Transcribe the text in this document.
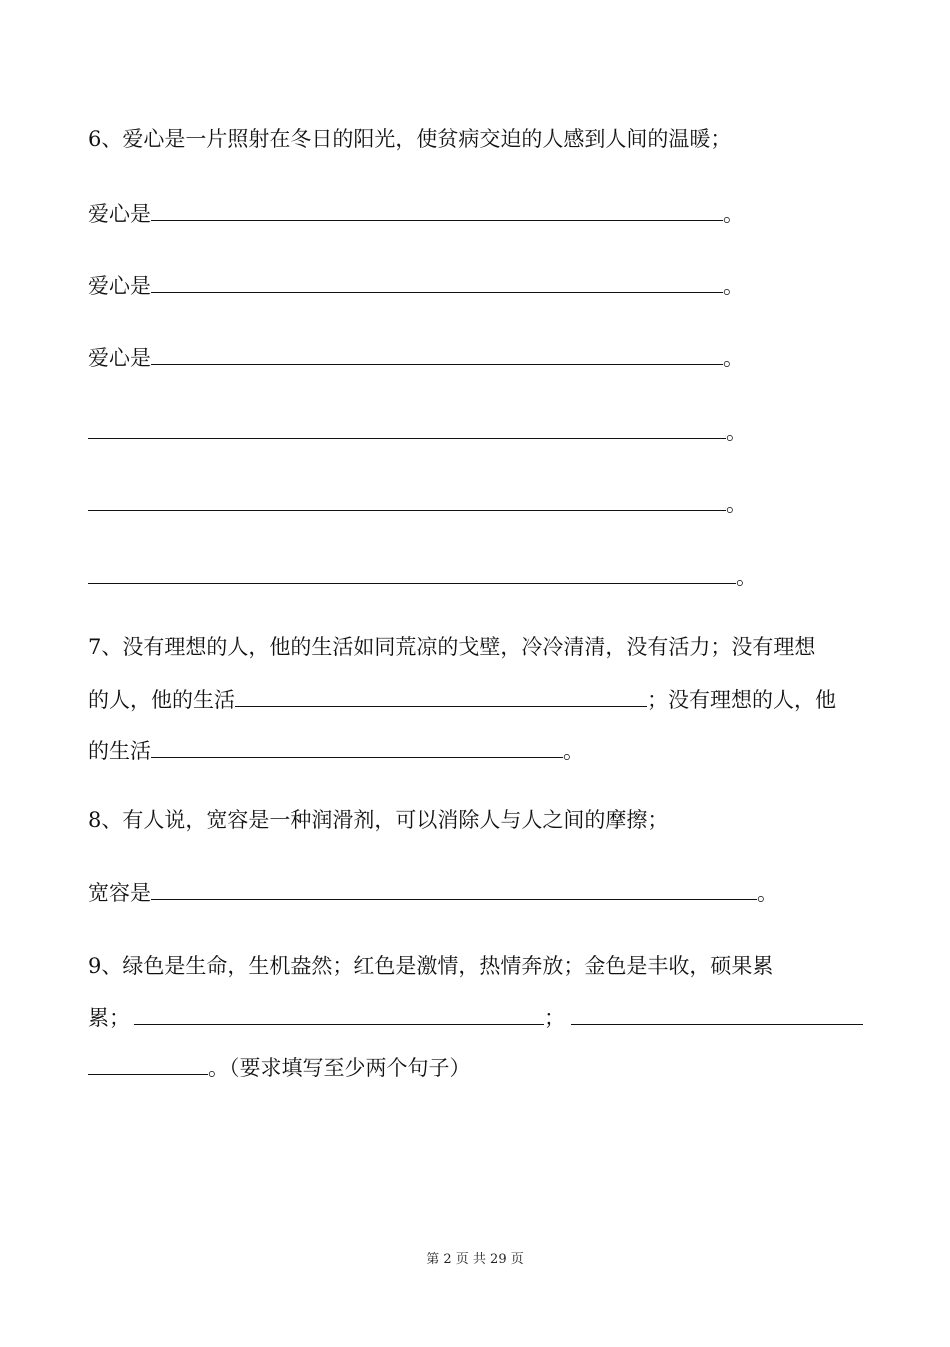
6、爱心是一片照射在冬日的阳光，使贫病交迫的人感到人间的温暖；
爱心是	。
爱心是	。
爱心是	。
。
。
。
7、没有理想的人，他的生活如同荒凉的戈壁，冷冷清清，没有活力；没有理想
的人，他的生活	；没有理想的人，他
的生活	。
8、有人说，宽容是一种润滑剂，可以消除人与人之间的摩擦；
宽容是	。
9、绿色是生命，生机盎然；红色是激情，热情奔放；金色是丰收，硕果累
累；	；
。（要求填写至少两个句子）
第 2 页 共 29 页
